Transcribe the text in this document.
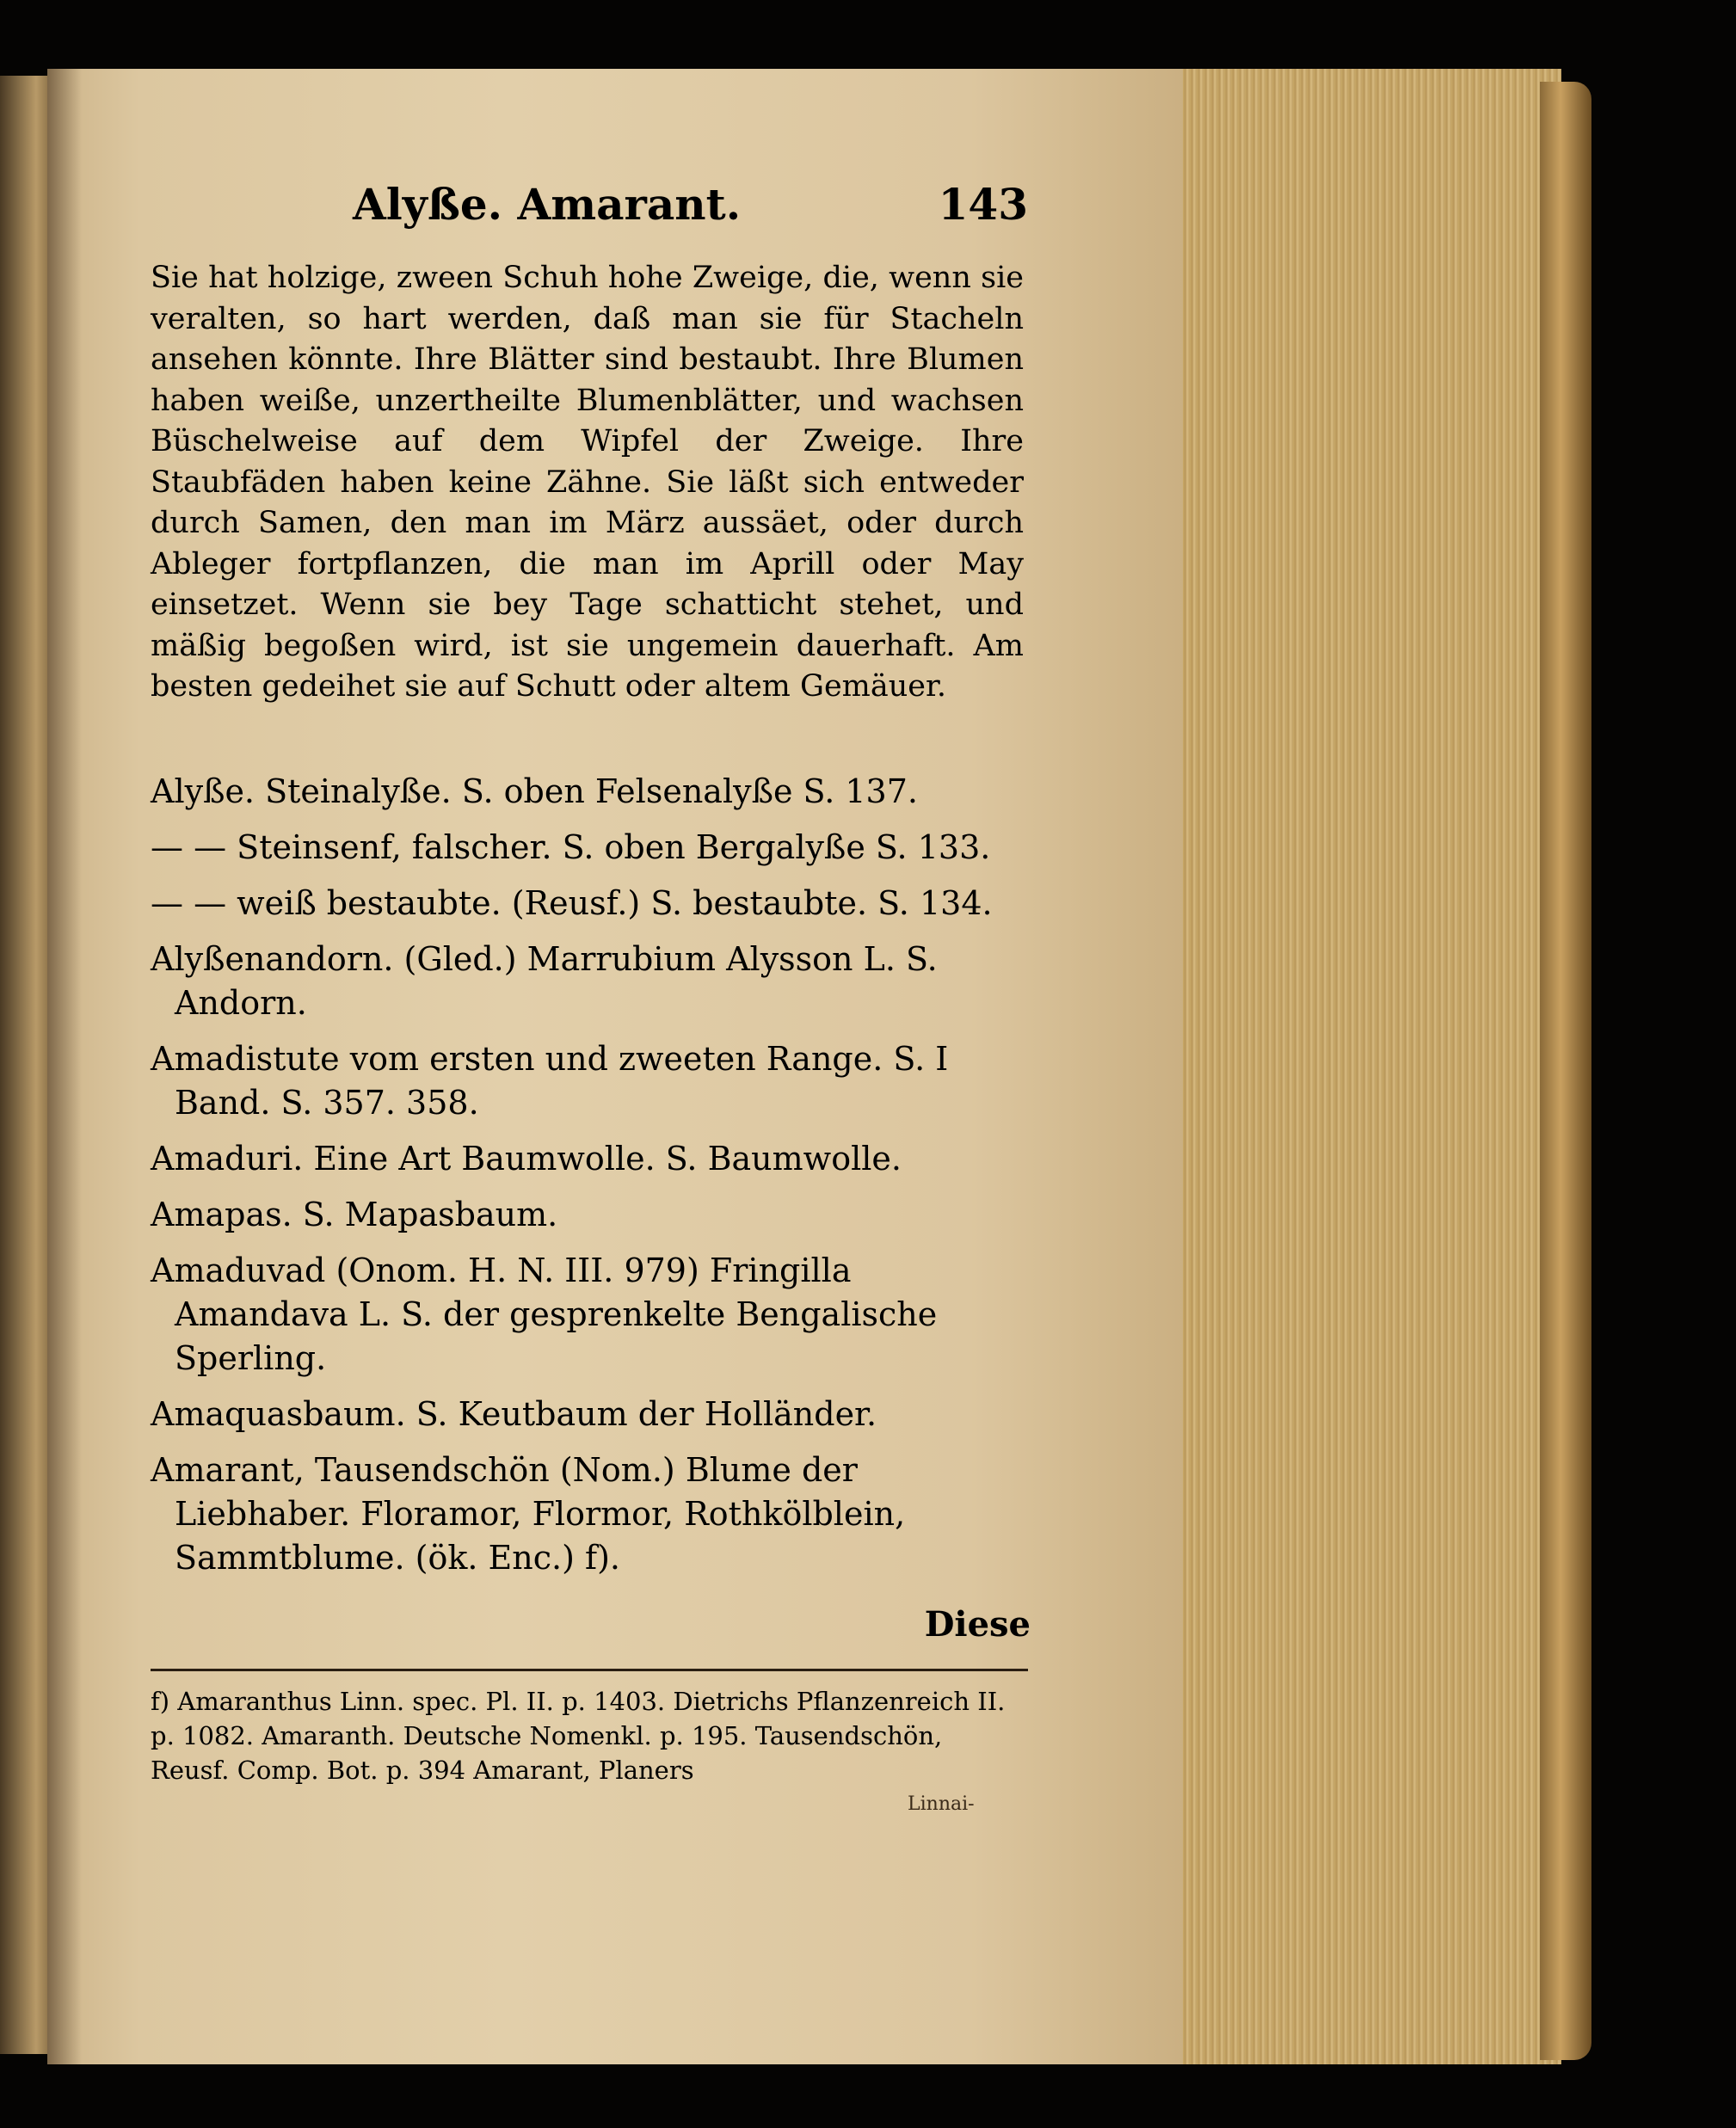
Alyße. Amarant.	143

Sie hat holzige, zween Schuh hohe Zweige, die, wenn sie veralten, so hart werden, daß man sie für Stacheln ansehen könnte. Ihre Blätter sind bestaubt. Ihre Blumen haben weiße, unzertheilte Blumenblätter, und wachsen Büschelweise auf dem Wipfel der Zweige. Ihre Staubfäden haben keine Zähne. Sie läßt sich entweder durch Samen, den man im März aussäet, oder durch Ableger fortpflanzen, die man im Aprill oder May einsetzet. Wenn sie bey Tage schatticht stehet, und mäßig begoßen wird, ist sie ungemein dauerhaft. Am besten gedeihet sie auf Schutt oder altem Gemäuer.

Alyße. Steinalyße. S. oben Felsenalyße S. 137.

— — Steinsenf, falscher. S. oben Bergalyße S. 133.

— — weiß bestaubte. (Reusf.) S. bestaubte. S. 134.

Alyßenandorn. (Gled.) Marrubium Alysson L. S. Andorn.

Amadistute vom ersten und zweeten Range. S. I Band. S. 357. 358.

Amaduri. Eine Art Baumwolle. S. Baumwolle.

Amapas. S. Mapasbaum.

Amaduvad (Onom. H. N. III. 979) Fringilla Amandava L. S. der gesprenkelte Bengalische Sperling.

Amaquasbaum. S. Keutbaum der Holländer.

Amarant, Tausendschön (Nom.) Blume der Liebhaber. Floramor, Flormor, Rothkölblein, Sammtblume. (ök. Enc.) f).

Diese
f) Amaranthus Linn. spec. Pl. II. p. 1403. Dietrichs Pflanzenreich II. p. 1082. Amaranth. Deutsche Nomenkl. p. 195. Tausendschön, Reusf. Comp. Bot. p. 394 Amarant, Planers
Linnai-
